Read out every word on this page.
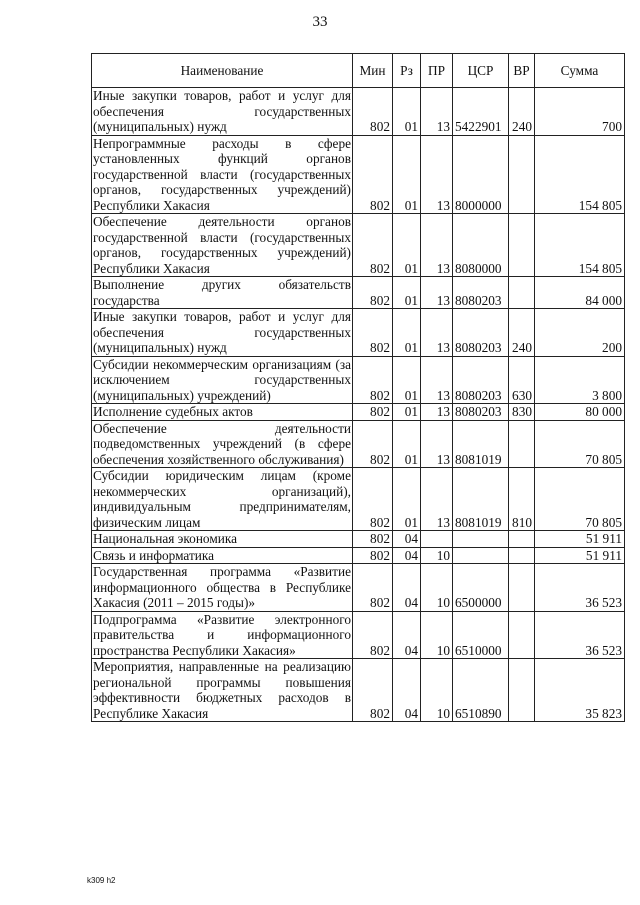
33
Наименование	Мин	Рз	ПР	ЦСР	ВР	Сумма
Иные закупки товаров, работ и услуг для обеспечения государственных (муниципальных) нужд	802	01	13	5422901	240	700
Непрограммные расходы в сфере установленных функций органов государственной власти (государственных органов, государственных учреждений) Республики Хакасия	802	01	13	8000000		154 805
Обеспечение деятельности органов государственной власти (государственных органов, государственных учреждений) Республики Хакасия	802	01	13	8080000		154 805
Выполнение других обязательств государства	802	01	13	8080203		84 000
Иные закупки товаров, работ и услуг для обеспечения государственных (муниципальных) нужд	802	01	13	8080203	240	200
Субсидии некоммерческим организациям (за исключением государственных (муниципальных) учреждений)	802	01	13	8080203	630	3 800
Исполнение судебных актов	802	01	13	8080203	830	80 000
Обеспечение деятельности подведомственных учреждений (в сфере обеспечения хозяйственного обслуживания)	802	01	13	8081019		70 805
Субсидии юридическим лицам (кроме некоммерческих организаций), индивидуальным предпринимателям, физическим лицам	802	01	13	8081019	810	70 805
Национальная экономика	802	04				51 911
Связь и информатика	802	04	10			51 911
Государственная программа «Развитие информационного общества в Республике Хакасия (2011 – 2015 годы)»	802	04	10	6500000		36 523
Подпрограмма «Развитие электронного правительства и информационного пространства Республики Хакасия»	802	04	10	6510000		36 523
Мероприятия, направленные на реализацию региональной программы повышения эффективности бюджетных расходов в Республике Хакасия	802	04	10	6510890		35 823
k309 h2
